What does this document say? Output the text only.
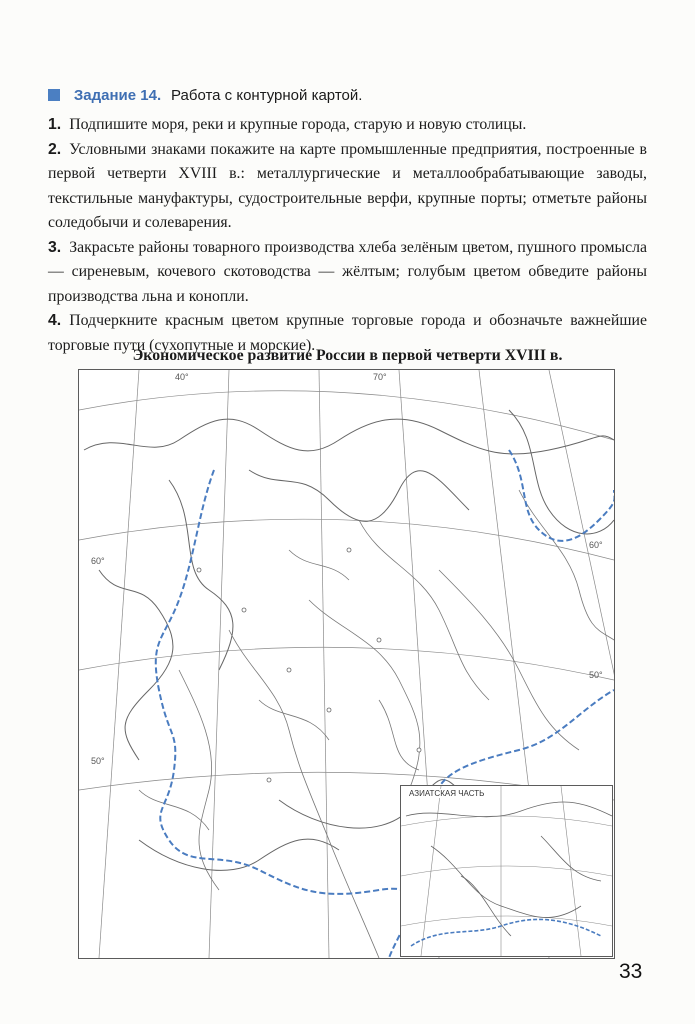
Задание 14. Работа с контурной картой.

1. Подпишите моря, реки и крупные города, старую и новую столицы.

2. Условными знаками покажите на карте промышленные предприятия, построенные в первой четверти XVIII в.: металлургические и металлообрабатывающие заводы, текстильные мануфактуры, судостроительные верфи, крупные порты; отметьте районы соледобычи и солеварения.

3. Закрасьте районы товарного производства хлеба зелёным цветом, пушного промысла — сиреневым, кочевого скотоводства — жёлтым; голубым цветом обведите районы производства льна и конопли.

4. Подчеркните красным цветом крупные торговые города и обозначьте важнейшие торговые пути (сухопутные и морские).

Экономическое развитие России в первой четверти XVIII в.
60°
50°
40°	70°
60°
50°
АЗИАТСКАЯ ЧАСТЬ
33
